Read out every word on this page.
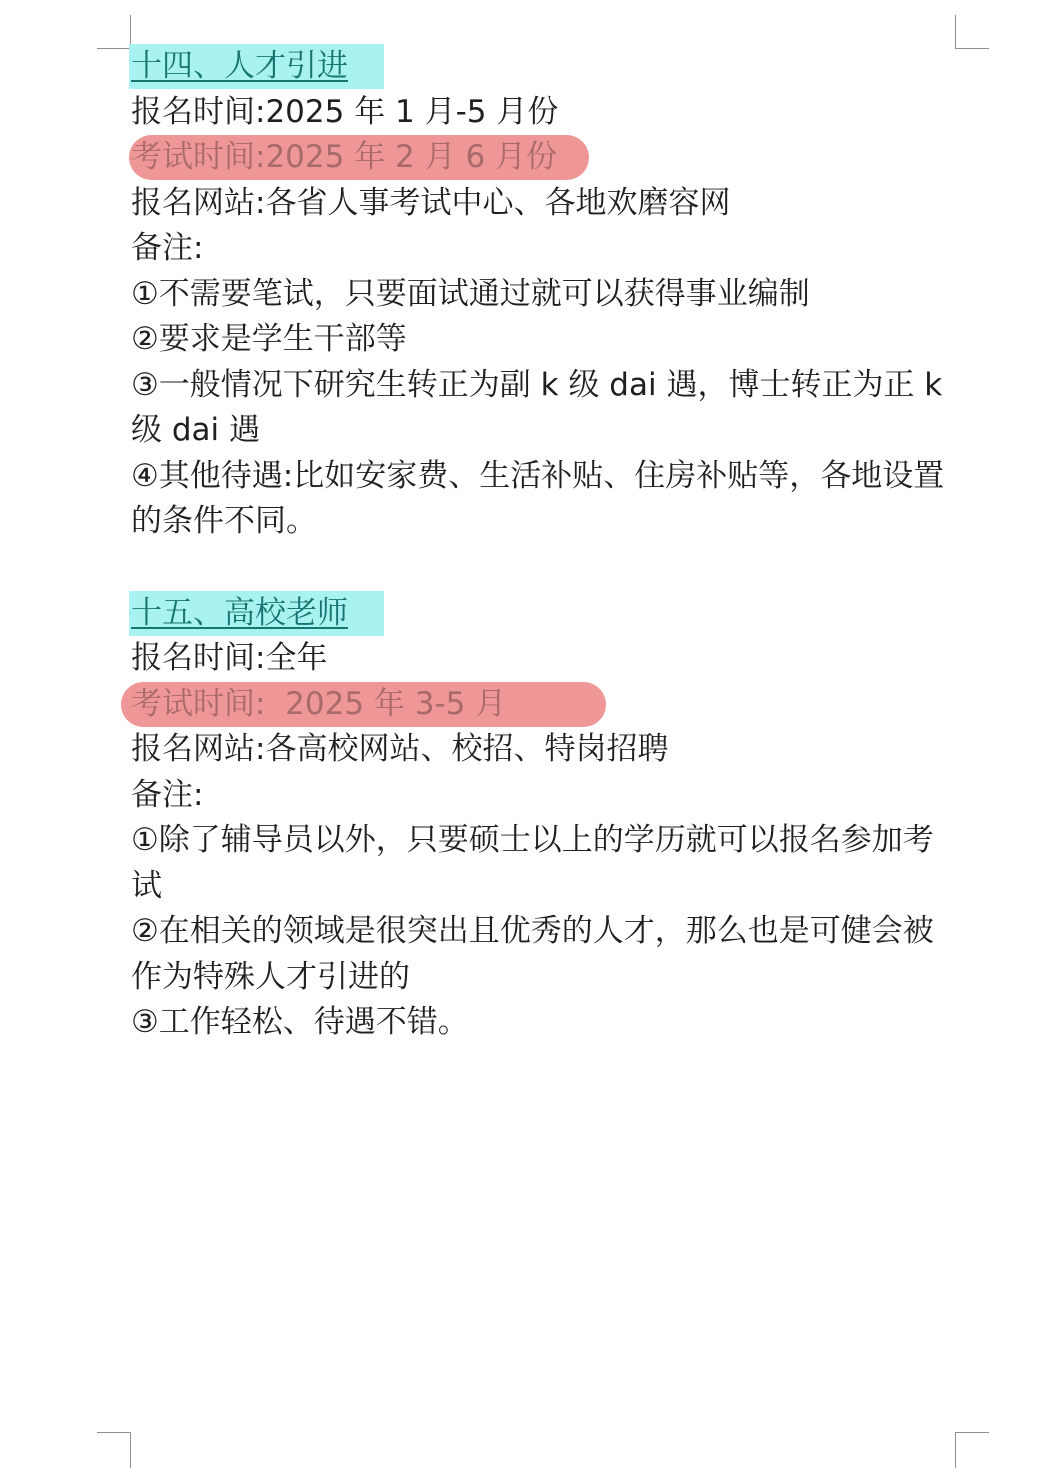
十四、人才引进
报名时间:2025 年 1 月-5 月份
考试时间:2025 年 2 月 6 月份
报名网站:各省人事考试中心、各地欢磨容网
备注:
①不需要笔试，只要面试通过就可以获得事业编制
②要求是学生干部等
③一般情况下研究生转正为副 k 级 dai 遇，博士转正为正 k 级 dai 遇
④其他待遇:比如安家费、生活补贴、住房补贴等，各地设置的条件不同。
十五、高校老师
报名时间:全年
考试时间:  2025 年 3-5 月
报名网站:各高校网站、校招、特岗招聘
备注:
①除了辅导员以外，只要硕士以上的学历就可以报名参加考试
②在相关的领域是很突出且优秀的人才，那么也是可健会被作为特殊人才引进的
③工作轻松、待遇不错。
